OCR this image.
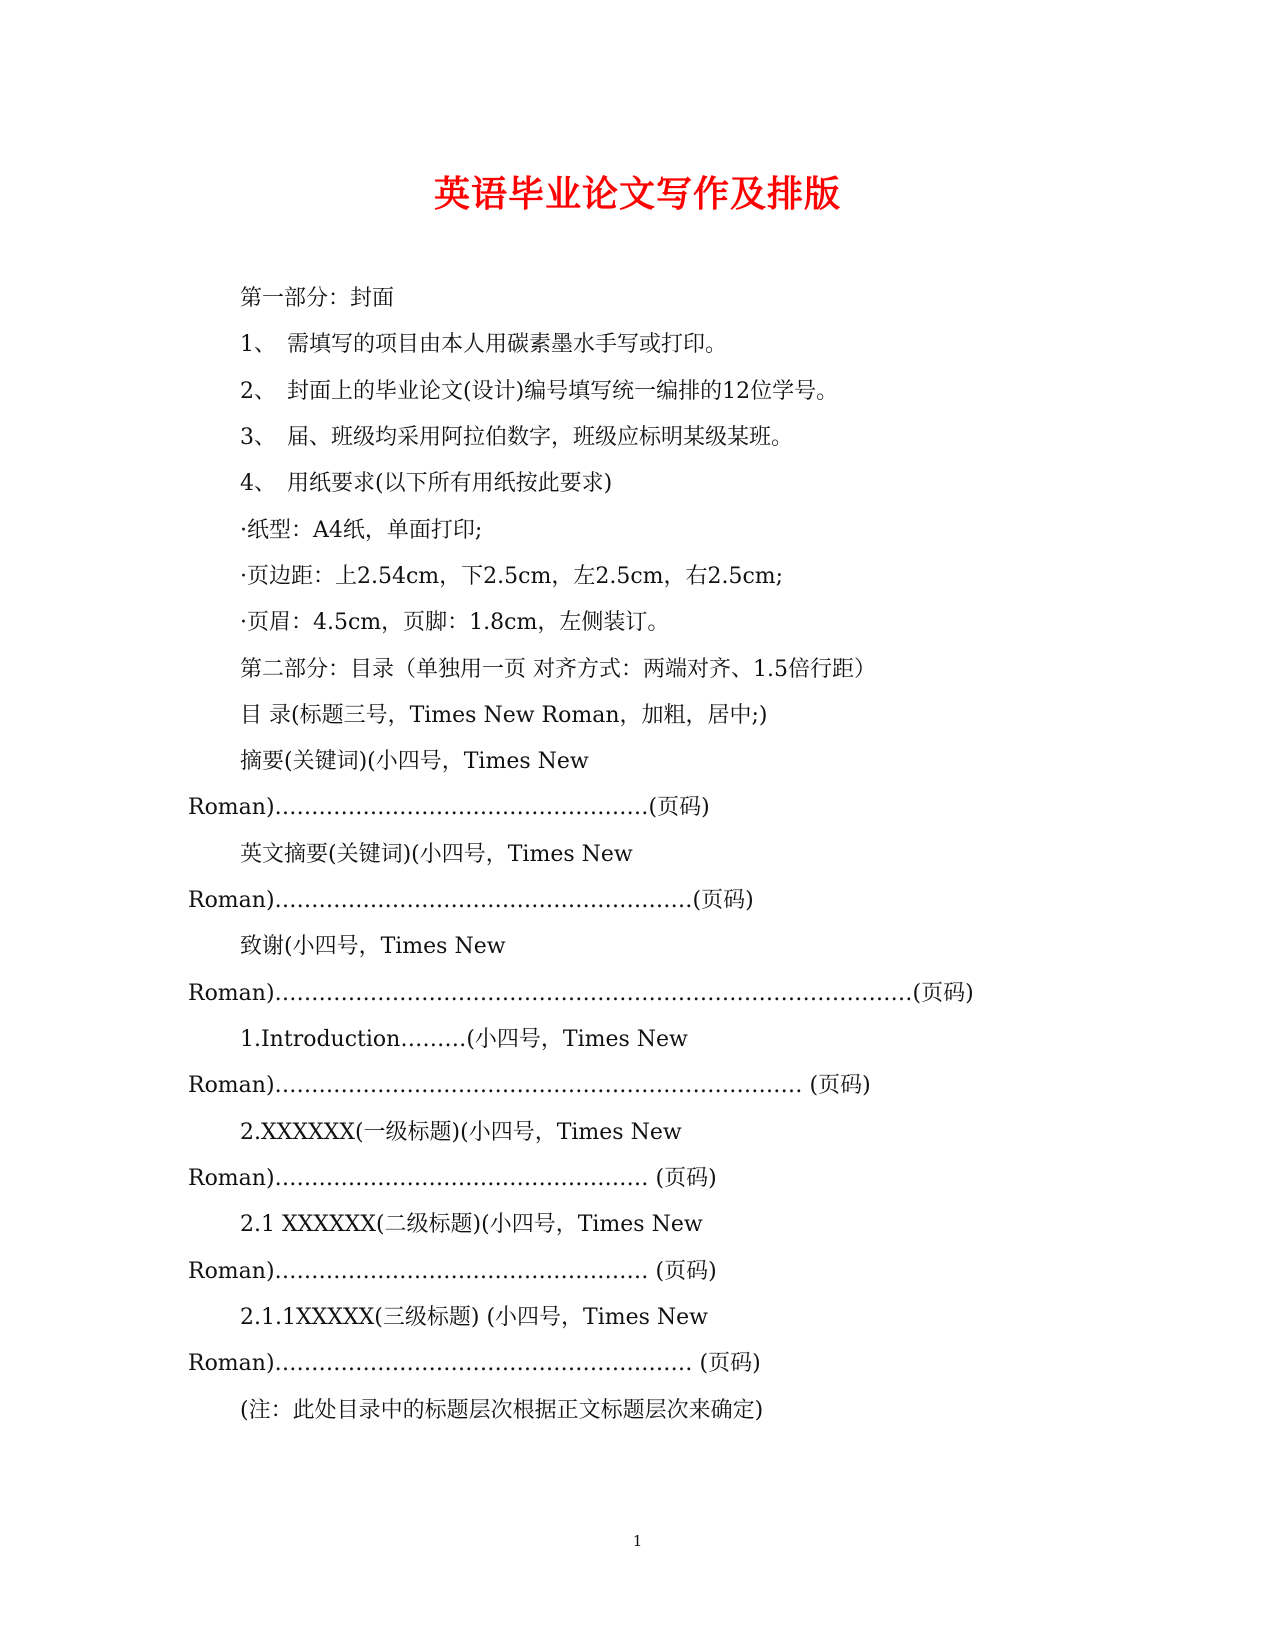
英语毕业论文写作及排版
第一部分：封面
1、　需填写的项目由本人用碳素墨水手写或打印。
2、　封面上的毕业论文(设计)编号填写统一编排的12位学号。
3、　届、班级均采用阿拉伯数字，班级应标明某级某班。
4、　用纸要求(以下所有用纸按此要求)
·纸型：A4纸，单面打印;
·页边距：上2.54cm，下2.5cm，左2.5cm，右2.5cm;
·页眉：4.5cm，页脚：1.8cm，左侧装订。
第二部分：目录（单独用一页 对齐方式：两端对齐、1.5倍行距）
目 录(标题三号，Times New Roman，加粗，居中;)
摘要(关键词)(小四号，Times New
Roman)……………………………………………(页码)
英文摘要(关键词)(小四号，Times New
Roman)…………………………………………………(页码)
致谢(小四号，Times New
Roman)……………………………………………………………………………(页码)
1.Introduction………(小四号，Times New
Roman)……………………………………………………………… (页码)
2.XXXXXX(一级标题)(小四号，Times New
Roman)…………………………………………… (页码)
2.1 XXXXXX(二级标题)(小四号，Times New
Roman)…………………………………………… (页码)
2.1.1XXXXX(三级标题) (小四号，Times New
Roman)………………………………………………… (页码)
(注：此处目录中的标题层次根据正文标题层次来确定)
1
